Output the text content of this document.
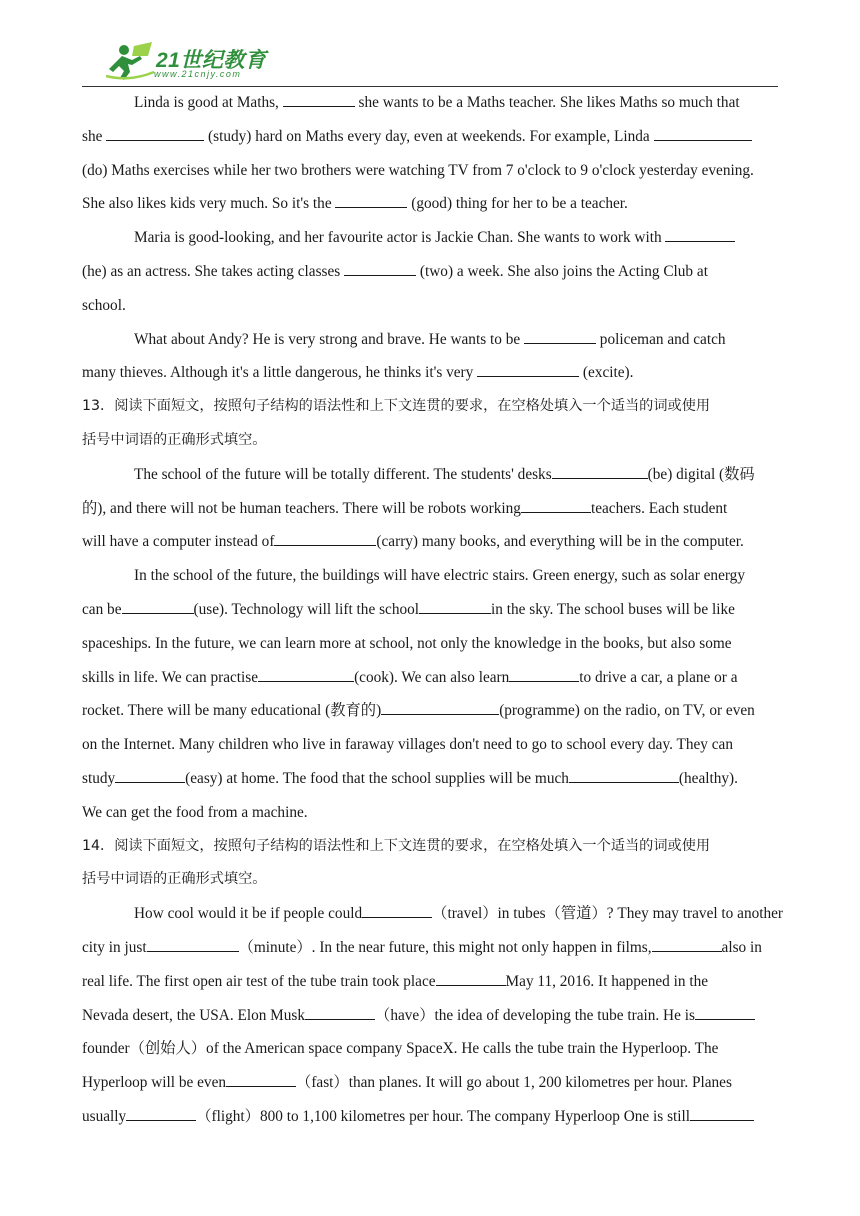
21世纪教育
www.21cnjy.com

Linda is good at Maths,	she wants to be a Maths teacher. She likes Maths so much that
she	(study) hard on Maths every day, even at weekends. For example, Linda
(do) Maths exercises while her two brothers were watching TV from 7 o'clock to 9 o'clock yesterday evening.
She also likes kids very much. So it's the	(good) thing for her to be a teacher.

Maria is good-looking, and her favourite actor is Jackie Chan. She wants to work with
(he) as an actress. She takes acting classes	(two) a week. She also joins the Acting Club at
school.

What about Andy? He is very strong and brave. He wants to be	policeman and catch
many thieves. Although it's a little dangerous, he thinks it's very	(excite).

13．阅读下面短文，按照句子结构的语法性和上下文连贯的要求，在空格处填入一个适当的词或使用
括号中词语的正确形式填空。

The school of the future will be totally different. The students' desks	(be) digital (数码
的), and there will not be human teachers. There will be robots working	teachers. Each student
will have a computer instead of	(carry) many books, and everything will be in the computer.

In the school of the future, the buildings will have electric stairs. Green energy, such as solar energy
can be	(use). Technology will lift the school	in the sky. The school buses will be like
spaceships. In the future, we can learn more at school, not only the knowledge in the books, but also some
skills in life. We can practise	(cook). We can also learn	to drive a car, a plane or a
rocket. There will be many educational (教育的)	(programme) on the radio, on TV, or even
on the Internet. Many children who live in faraway villages don't need to go to school every day. They can
study	(easy) at home. The food that the school supplies will be much	(healthy).
We can get the food from a machine.

14．阅读下面短文，按照句子结构的语法性和上下文连贯的要求，在空格处填入一个适当的词或使用
括号中词语的正确形式填空。

How cool would it be if people could	（travel）in tubes（管道）? They may travel to another
city in just	（minute）. In the near future, this might not only happen in films,	also in
real life. The first open air test of the tube train took place	May 11, 2016. It happened in the
Nevada desert, the USA. Elon Musk	（have）the idea of developing the tube train. He is
founder（创始人）of the American space company SpaceX. He calls the tube train the Hyperloop. The
Hyperloop will be even	（fast）than planes. It will go about 1, 200 kilometres per hour. Planes
usually	（flight）800 to 1,100 kilometres per hour. The company Hyperloop One is still
